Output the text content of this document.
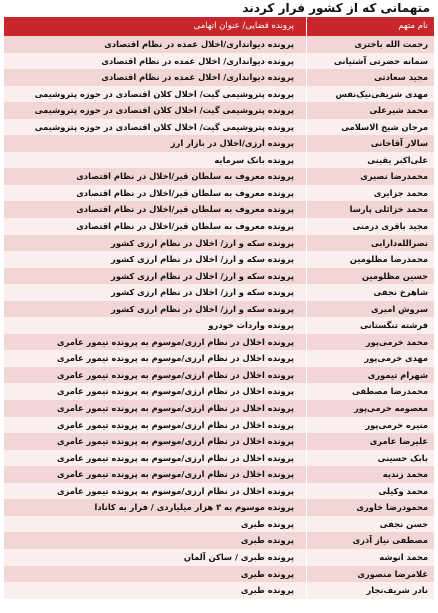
متهمانی که از کشور فرار کردند
نام متهم
پرونده قضایی/ عنوان اتهامی
رحمت الله باختری
پرونده دیوانداری/اخلال عمده در نظام اقتصادی
سمانه حضرتی آشتیانی
پرونده دیوانداری/ اخلال عمده در نظام اقتصادی
مجید سعادتی
پرونده دیوانداری/ اخلال عمده در نظام اقتصادی
مهدی شریفی‌نیک‌نفس
پرونده پتروشیمی گیت/ اخلال کلان اقتصادی در حوزه پتروشیمی
محمد شیرعلی
پرونده پتروشیمی گیت/ اخلال کلان اقتصادی در حوزه پتروشیمی
مرجان شیخ الاسلامی
پرونده پتروشیمی گیت/ اخلال کلان اقتصادی در حوزه پتروشیمی
سالار آقاخانی
پرونده ارزی/اخلال در بازار ارز
علی‌اکبر یقینی
پرونده بانک سرمایه
محمدرضا نصیری
پرونده معروف به سلطان قیر/اخلال در نظام اقتصادی
محمد جزایری
پرونده معروف به سلطان قیر/اخلال در نظام اقتصادی
محمد خزائلی پارسا
پرونده معروف به سلطان قیر/اخلال در نظام اقتصادی
مجید باقری درمنی
پرونده معروف به سلطان قیر/اخلال در نظام اقتصادی
نصرالله‌دارابی
پرونده سکه و ارز/ اخلال در نظام ارزی کشور
محمدرضا مظلومین
پرونده سکه و ارز/ اخلال در نظام ارزی کشور
حسین مظلومین
پرونده سکه و ارز/ اخلال در نظام ارزی کشور
شاهرخ نجفی
پرونده سکه و ارز/ اخلال در نظام ارزی کشور
سروش امیری
پرونده سکه و ارز/ اخلال در نظام ارزی کشور
فرشته تنگستانی
پرونده واردات خودرو
محمد خرمی‌پور
پرونده اخلال در نظام ارزی/موسوم به پرونده تیمور عامری
مهدی خرمی‌پور
پرونده اخلال در نظام ارزی/موسوم به پرونده تیمور عامری
شهرام تیموری
پرونده اخلال در نظام ارزی/موسوم به پرونده تیمور عامری
محمدرضا مصطفی
پرونده اخلال در نظام ارزی/موسوم به پرونده تیمور عامری
معصومه خرمی‌پور
پرونده اخلال در نظام ارزی/موسوم به پرونده تیمور عامری
منیره خرمی‌پور
پرونده اخلال در نظام ارزی/موسوم به پرونده تیمور عامری
علیرضا عامری
پرونده اخلال در نظام ارزی/موسوم به پرونده تیمور عامری
بابک حسینی
پرونده اخلال در نظام ارزی/موسوم به پرونده تیمور عامری
محمد زندیه
پرونده اخلال در نظام ارزی/موسوم به پرونده تیمور عامری
محمد وکیلی
پرونده اخلال در نظام ارزی/موسوم به پرونده تیمور عامری
محمودرضا خاوری
پرونده موسوم به ۳ هزار میلیاردی / فرار به کانادا
حسن نجفی
پرونده طبری
مصطفی نیاز آذری
پرونده طبری
محمد انوشه
پرونده طبری / ساکن آلمان
غلامرضا منصوری
پرونده طبری
نادر شریف‌نجار
پرونده طبری
